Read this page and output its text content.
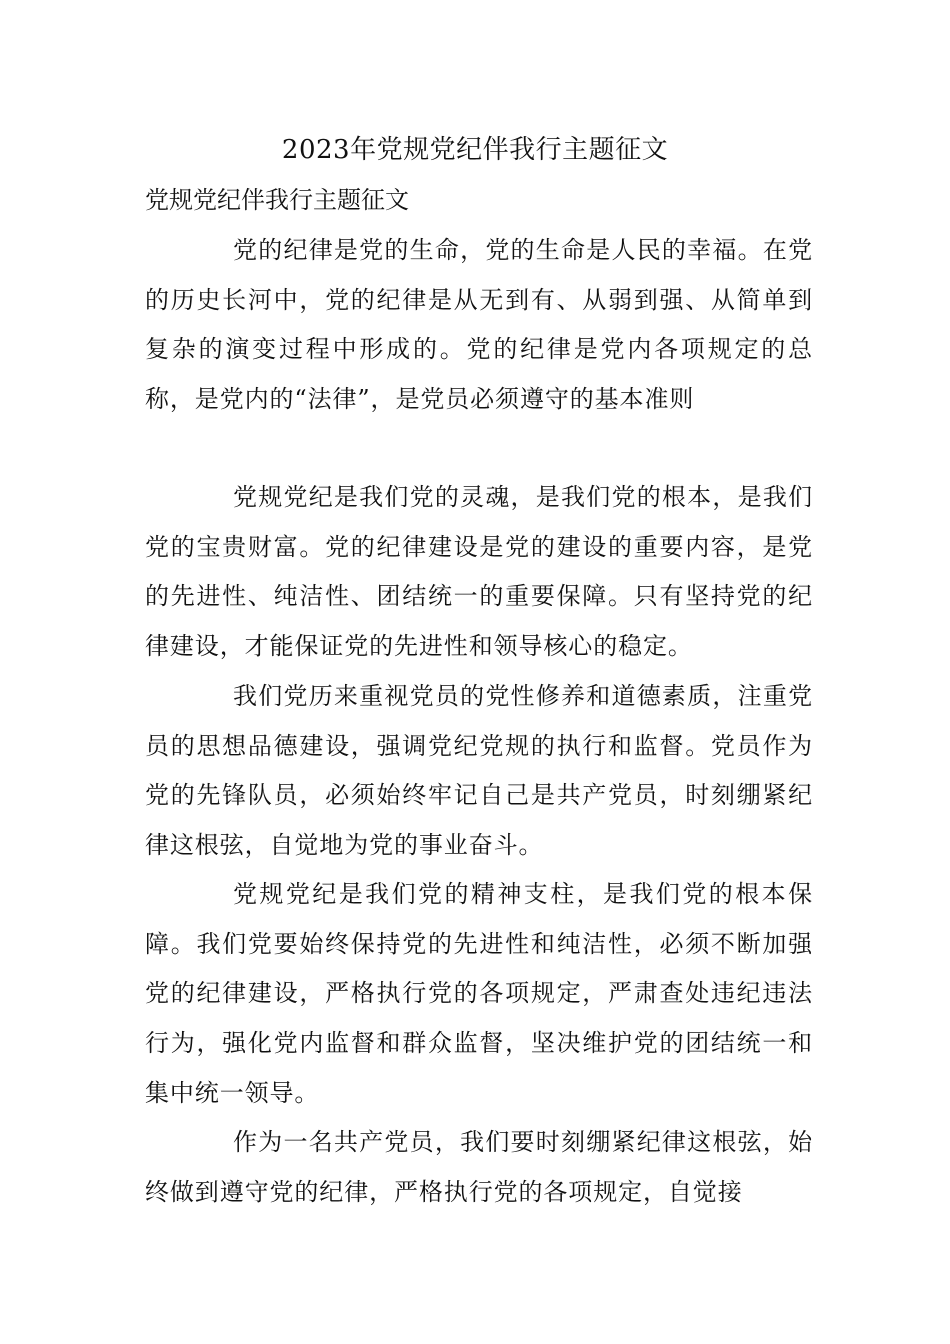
2023年党规党纪伴我行主题征文
党规党纪伴我行主题征文

党的纪律是党的生命，党的生命是人民的幸福。在党的历史长河中，党的纪律是从无到有、从弱到强、从简单到复杂的演变过程中形成的。党的纪律是党内各项规定的总称，是党内的“法律”，是党员必须遵守的基本准则

党规党纪是我们党的灵魂，是我们党的根本，是我们党的宝贵财富。党的纪律建设是党的建设的重要内容，是党的先进性、纯洁性、团结统一的重要保障。只有坚持党的纪律建设，才能保证党的先进性和领导核心的稳定。

我们党历来重视党员的党性修养和道德素质，注重党员的思想品德建设，强调党纪党规的执行和监督。党员作为党的先锋队员，必须始终牢记自己是共产党员，时刻绷紧纪律这根弦，自觉地为党的事业奋斗。

党规党纪是我们党的精神支柱，是我们党的根本保障。我们党要始终保持党的先进性和纯洁性，必须不断加强党的纪律建设，严格执行党的各项规定，严肃查处违纪违法行为，强化党内监督和群众监督，坚决维护党的团结统一和集中统一领导。

作为一名共产党员，我们要时刻绷紧纪律这根弦，始终做到遵守党的纪律，严格执行党的各项规定，自觉接
